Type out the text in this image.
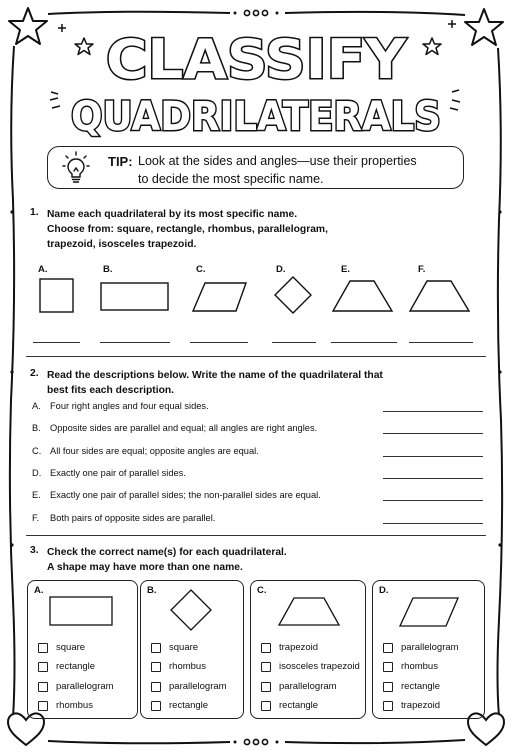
CLASSIFY
QUADRILATERALS
TIP: Look at the sides and angles—use their properties
to decide the most specific name.
1. Name each quadrilateral by its most specific name.
Choose from: square, rectangle, rhombus, parallelogram,
trapezoid, isosceles trapezoid.
A.	B.	C.	D.	E.	F.
2. Read the descriptions below. Write the name of the quadrilateral that
best fits each description.
A. Four right angles and four equal sides.
B. Opposite sides are parallel and equal; all angles are right angles.
C. All four sides are equal; opposite angles are equal.
D. Exactly one pair of parallel sides.
E. Exactly one pair of parallel sides; the non-parallel sides are equal.
F. Both pairs of opposite sides are parallel.
3. Check the correct name(s) for each quadrilateral.
A shape may have more than one name.
A.
square
rectangle
parallelogram
rhombus
B.
square
rhombus
parallelogram
rectangle
C.
trapezoid
isosceles trapezoid
parallelogram
rectangle
D.
parallelogram
rhombus
rectangle
trapezoid
